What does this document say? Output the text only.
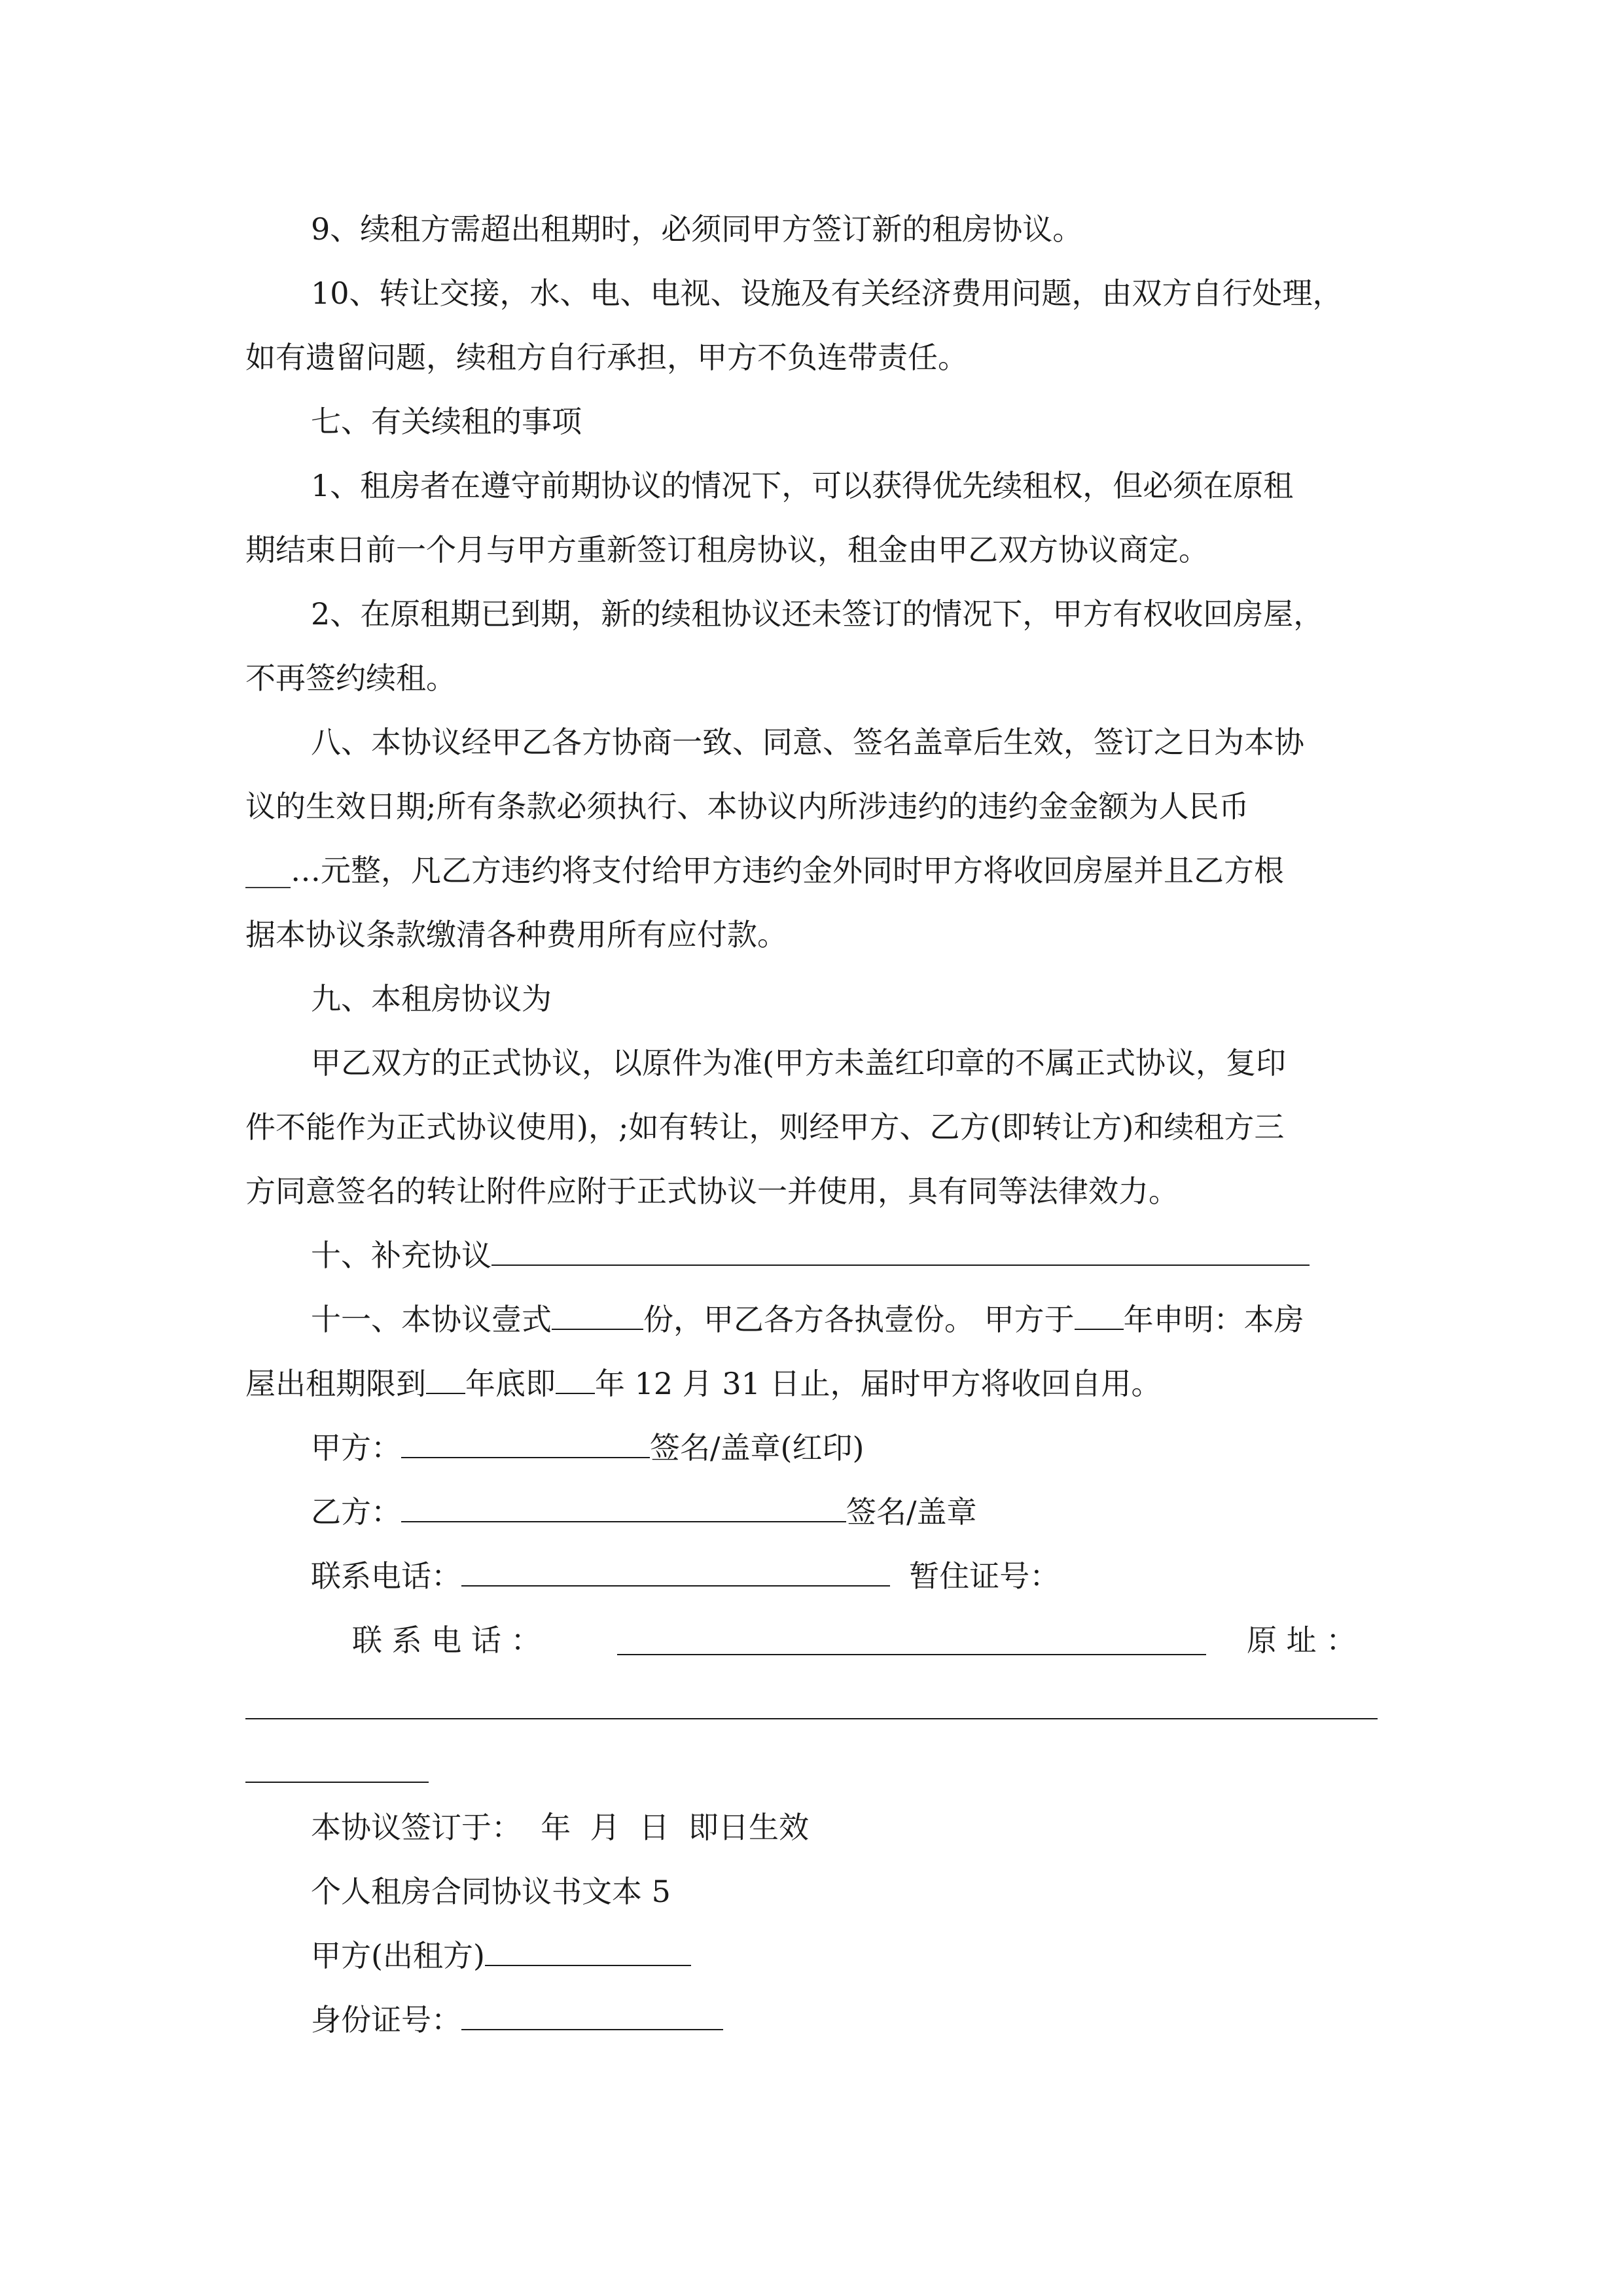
9、续租方需超出租期时，必须同甲方签订新的租房协议。

10、转让交接，水、电、电视、设施及有关经济费用问题，由双方自行处理，

如有遗留问题，续租方自行承担，甲方不负连带责任。

七、有关续租的事项

1、租房者在遵守前期协议的情况下，可以获得优先续租权，但必须在原租

期结束日前一个月与甲方重新签订租房协议，租金由甲乙双方协议商定。

2、在原租期已到期，新的续租协议还未签订的情况下，甲方有权收回房屋，

不再签约续租。

八、本协议经甲乙各方协商一致、同意、签名盖章后生效，签订之日为本协

议的生效日期;所有条款必须执行、本协议内所涉违约的违约金金额为人民币

___…元整，凡乙方违约将支付给甲方违约金外同时甲方将收回房屋并且乙方根

据本协议条款缴清各种费用所有应付款。

九、本租房协议为

甲乙双方的正式协议，以原件为准(甲方未盖红印章的不属正式协议，复印

件不能作为正式协议使用)，;如有转让，则经甲方、乙方(即转让方)和续租方三

方同意签名的转让附件应附于正式协议一并使用，具有同等法律效力。

十、补充协议

十一、本协议壹式	份，甲乙各方各执壹份。 甲方于 年申明：本房

屋出租期限到 年底即 年 12 月 31 日止，届时甲方将收回自用。

甲方：	签名/盖章(红印)

乙方：	签名/盖章

联系电话：	暂住证号：

联 系 电 话 ：	原 址 ：

本协议签订于：  年  月  日  即日生效

个人租房合同协议书文本 5

甲方(出租方)

身份证号：
